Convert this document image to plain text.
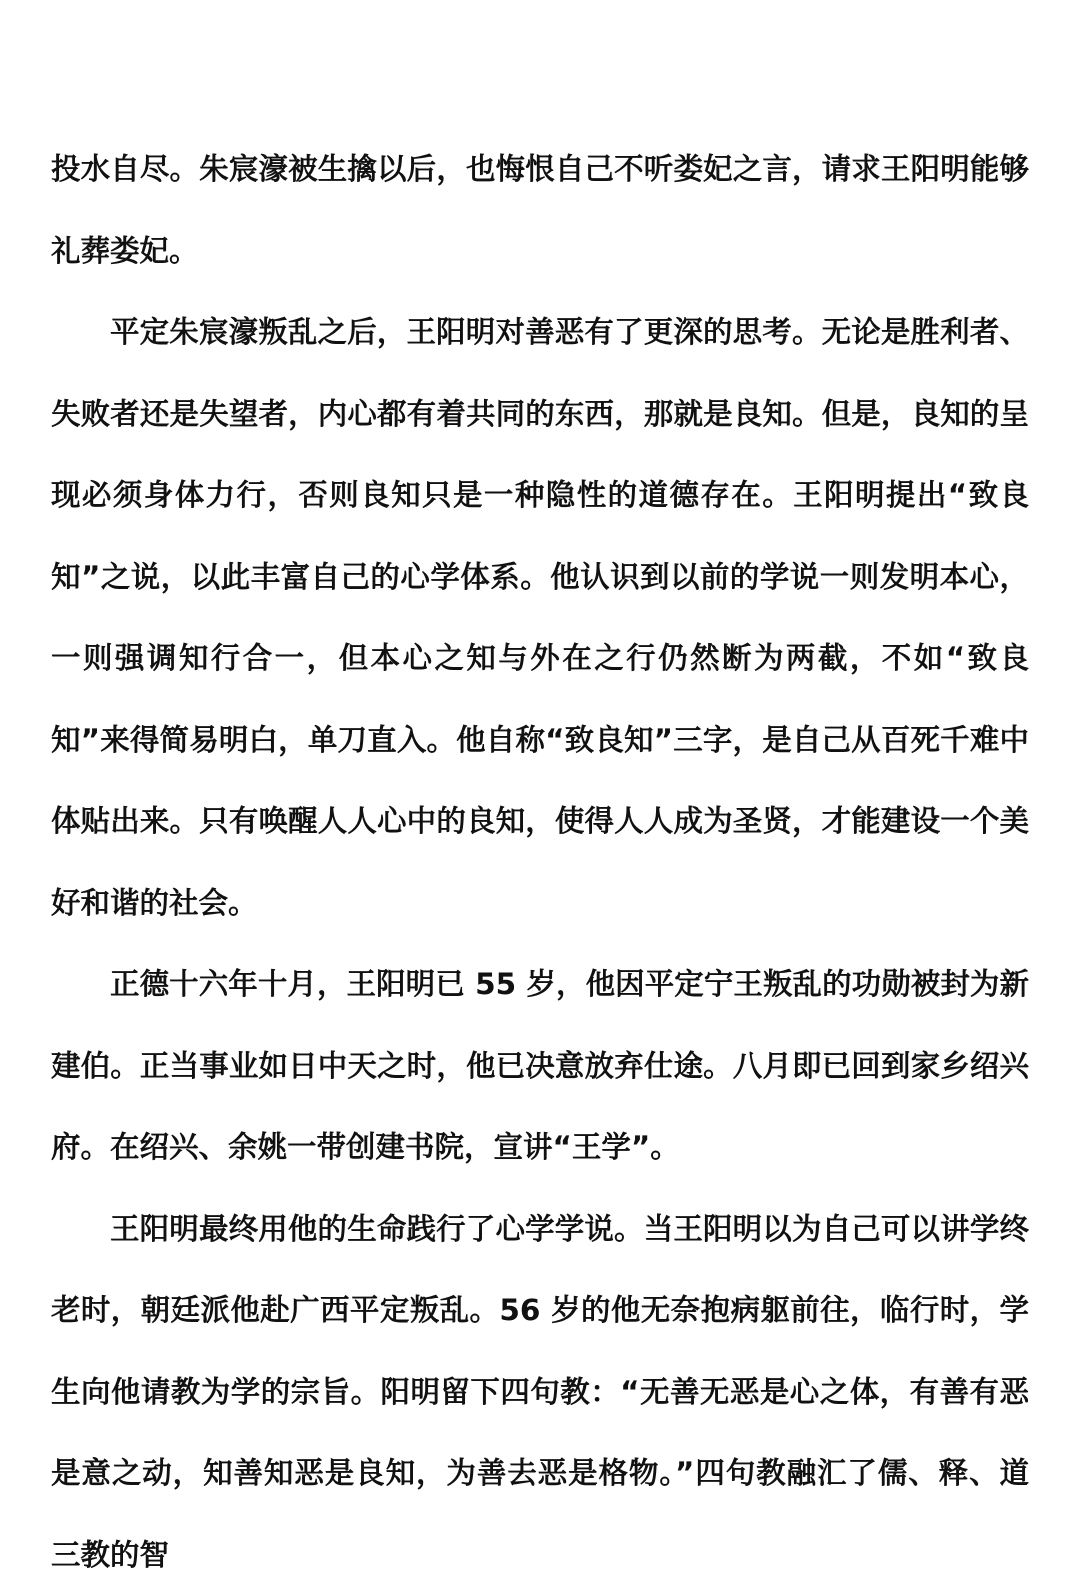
投水自尽。朱宸濠被生擒以后，也悔恨自己不听娄妃之言，请求王阳明能够礼葬娄妃。

平定朱宸濠叛乱之后，王阳明对善恶有了更深的思考。无论是胜利者、失败者还是失望者，内心都有着共同的东西，那就是良知。但是，良知的呈现必须身体力行，否则良知只是一种隐性的道德存在。王阳明提出“致良知”之说，以此丰富自己的心学体系。他认识到以前的学说一则发明本心，一则强调知行合一，但本心之知与外在之行仍然断为两截，不如“致良知”来得简易明白，单刀直入。他自称“致良知”三字，是自己从百死千难中体贴出来。只有唤醒人人心中的良知，使得人人成为圣贤，才能建设一个美好和谐的社会。

正德十六年十月，王阳明已 55 岁，他因平定宁王叛乱的功勋被封为新建伯。正当事业如日中天之时，他已决意放弃仕途。八月即已回到家乡绍兴府。在绍兴、余姚一带创建书院，宣讲“王学”。

王阳明最终用他的生命践行了心学学说。当王阳明以为自己可以讲学终老时，朝廷派他赴广西平定叛乱。56 岁的他无奈抱病躯前往，临行时，学生向他请教为学的宗旨。阳明留下四句教：“无善无恶是心之体，有善有恶是意之动，知善知恶是良知，为善去恶是格物。”四句教融汇了儒、释、道三教的智
